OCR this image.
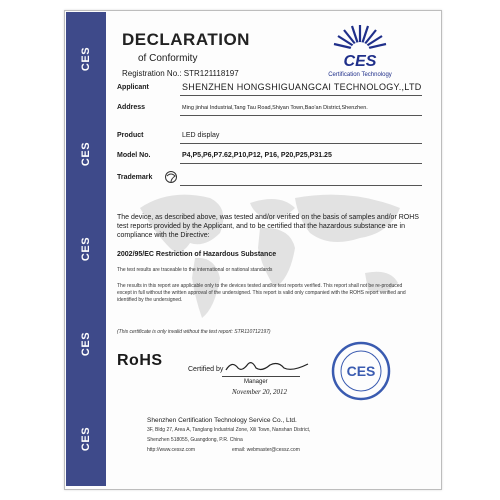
CES
CES
CES
CES
CES
DECLARATION
of Conformity
Registration No.: STR121118197
CES
Certification Technology
Applicant	SHENZHEN HONGSHIGUANGCAI TECHNOLOGY.,LTD
Address	Ming jinhai Industrial,Tang Tau Road,Shiyan Town,Bao'an District,Shenzhen.
Product	LED display
Model No.	P4,P5,P6,P7.62,P10,P12, P16, P20,P25,P31.25
Trademark
The device, as described above, was tested and/or verified on the basis of samples and/or ROHS test reports provided by the Applicant, and to be certified that the hazardous substance are in compliance with the Directive:
2002/95/EC Restriction of Hazardous Substance
The test results are traceable to the international or national standards
The results in this report are applicable only to the devices tested and/or test reports verified. This report shall not be re-produced except in full without the written approval of the undersigned. This report is valid only companied with the ROHS report verified and identified by the undersigned.
(This certificate is only invalid without the test report: STR110712197)
RoHS
Certified by
Manager
November 20, 2012
CES
Shenzhen Certification Technology Service Co., Ltd.
3F, Bldg 27, Area A, Tanglang Industrial Zone, Xili Town, Nanshan District,
Shenzhen 518055, Guangdong, P.R. China
http://www.cessz.com	email: webmaster@cessz.com
